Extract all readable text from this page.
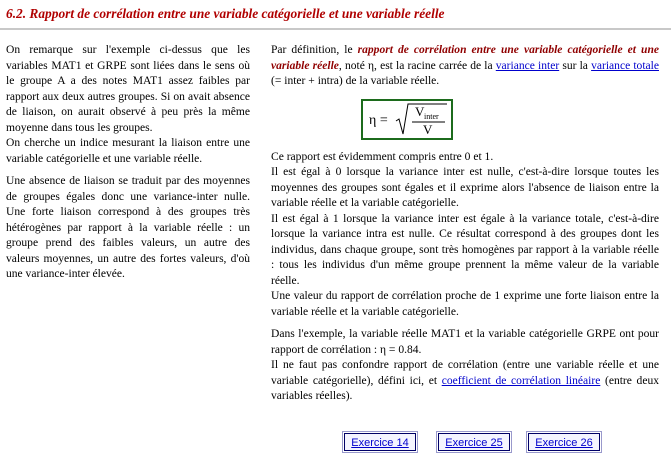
6.2. Rapport de corrélation entre une variable catégorielle et une variable réelle

On remarque sur l'exemple ci-dessus que les variables MAT1 et GRPE sont liées dans le sens où le groupe A a des notes MAT1 assez faibles par rapport aux deux autres groupes. Si on avait absence de liaison, on aurait observé à peu près la même moyenne dans tous les groupes.

On cherche un indice mesurant la liaison entre une variable catégorielle et une variable réelle.

Une absence de liaison se traduit par des moyennes de groupes égales donc une variance-inter nulle. Une forte liaison correspond à des groupes très hétérogènes par rapport à la variable réelle : un groupe prend des faibles valeurs, un autre des valeurs moyennes, un autre des fortes valeurs, d'où une variance-inter élevée.

Par définition, le rapport de corrélation entre une variable catégorielle et une variable réelle, noté η, est la racine carrée de la variance inter sur la variance totale (= inter + intra) de la variable réelle.

η =
V inter
V

Ce rapport est évidemment compris entre 0 et 1.

Il est égal à 0 lorsque la variance inter est nulle, c'est-à-dire lorsque toutes les moyennes des groupes sont égales et il exprime alors l'absence de liaison entre la variable réelle et la variable catégorielle.

Il est égal à 1 lorsque la variance inter est égale à la variance totale, c'est-à-dire lorsque la variance intra est nulle. Ce résultat correspond à des groupes dont les individus, dans chaque groupe, sont très homogènes par rapport à la variable réelle : tous les individus d'un même groupe prennent la même valeur de la variable réelle.

Une valeur du rapport de corrélation proche de 1 exprime une forte liaison entre la variable réelle et la variable catégorielle.

Dans l'exemple, la variable réelle MAT1 et la variable catégorielle GRPE ont pour rapport de corrélation : η = 0.84.

Il ne faut pas confondre rapport de corrélation (entre une variable réelle et une variable catégorielle), défini ici, et coefficient de corrélation linéaire (entre deux variables réelles).

Exercice 14	Exercice 25	Exercice 26
